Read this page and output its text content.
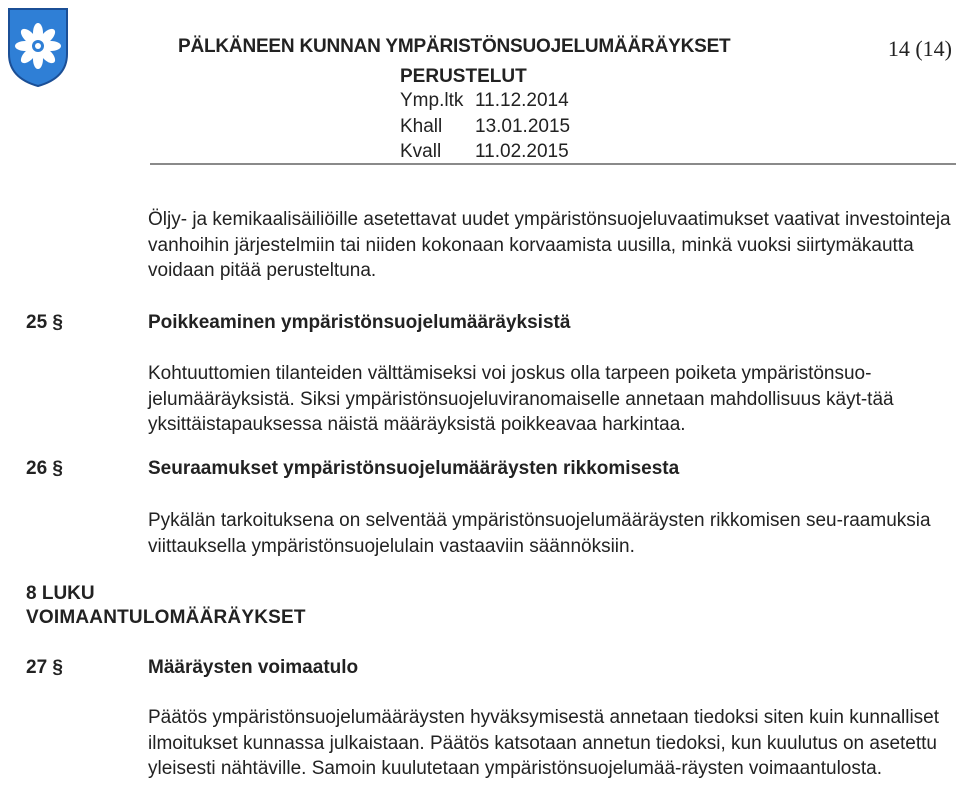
PÄLKÄNEEN KUNNAN YMPÄRISTÖNSUOJELUMÄÄRÄYKSET	14 (14)
PERUSTELUT
Ymp.ltk 11.12.2014
Khall	13.01.2015
Kvall	11.02.2015

Öljy- ja kemikaalisäiliöille asetettavat uudet ympäristönsuojeluvaatimukset vaativat investointeja vanhoihin järjestelmiin tai niiden kokonaan korvaamista uusilla, minkä vuoksi siirtymäkautta voidaan pitää perusteltuna.

25 §	Poikkeaminen ympäristönsuojelumääräyksistä

Kohtuuttomien tilanteiden välttämiseksi voi joskus olla tarpeen poiketa ympäristönsuo-jelumääräyksistä. Siksi ympäristönsuojeluviranomaiselle annetaan mahdollisuus käyt-tää yksittäistapauksessa näistä määräyksistä poikkeavaa harkintaa.

26 §	Seuraamukset ympäristönsuojelumääräysten rikkomisesta

Pykälän tarkoituksena on selventää ympäristönsuojelumääräysten rikkomisen seu-raamuksia viittauksella ympäristönsuojelulain vastaaviin säännöksiin.

8 LUKU
VOIMAANTULOMÄÄRÄYKSET
27 §	Määräysten voimaatulo

Päätös ympäristönsuojelumääräysten hyväksymisestä annetaan tiedoksi siten kuin kunnalliset ilmoitukset kunnassa julkaistaan. Päätös katsotaan annetun tiedoksi, kun kuulutus on asetettu yleisesti nähtäville. Samoin kuulutetaan ympäristönsuojelumää-räysten voimaantulosta.
